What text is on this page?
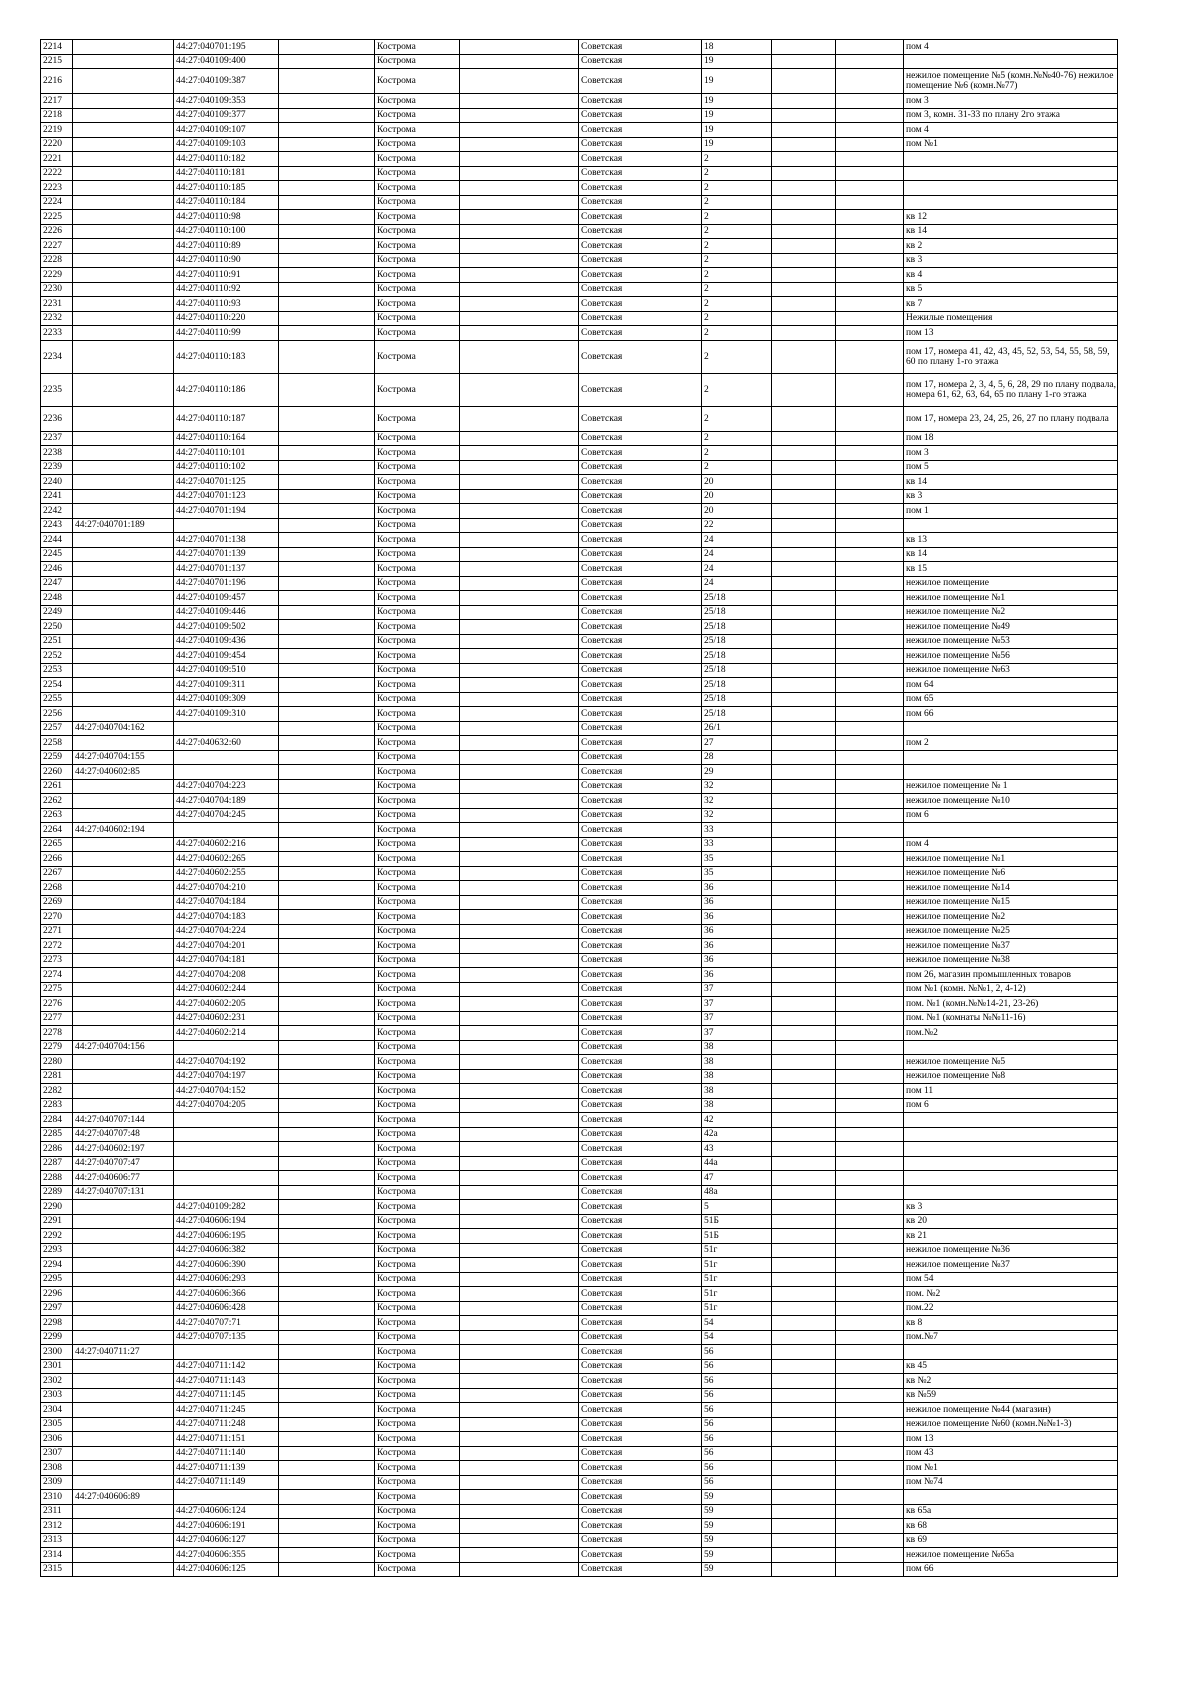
2214		44:27:040701:195		Кострома		Советская	18			пом 4
2215		44:27:040109:400		Кострома		Советская	19			
2216		44:27:040109:387		Кострома		Советская	19			нежилое помещение №5 (комн.№№40-76) нежилое помещение №6 (комн.№77)
2217		44:27:040109:353		Кострома		Советская	19			пом 3
2218		44:27:040109:377		Кострома		Советская	19			пом 3, комн. 31-33 по плану 2го этажа
2219		44:27:040109:107		Кострома		Советская	19			пом 4
2220		44:27:040109:103		Кострома		Советская	19			пом №1
2221		44:27:040110:182		Кострома		Советская	2			
2222		44:27:040110:181		Кострома		Советская	2			
2223		44:27:040110:185		Кострома		Советская	2			
2224		44:27:040110:184		Кострома		Советская	2			
2225		44:27:040110:98		Кострома		Советская	2			кв 12
2226		44:27:040110:100		Кострома		Советская	2			кв 14
2227		44:27:040110:89		Кострома		Советская	2			кв 2
2228		44:27:040110:90		Кострома		Советская	2			кв 3
2229		44:27:040110:91		Кострома		Советская	2			кв 4
2230		44:27:040110:92		Кострома		Советская	2			кв 5
2231		44:27:040110:93		Кострома		Советская	2			кв 7
2232		44:27:040110:220		Кострома		Советская	2			Нежилые помещения
2233		44:27:040110:99		Кострома		Советская	2			пом 13
2234		44:27:040110:183		Кострома		Советская	2			пом 17, номера 41, 42, 43, 45, 52, 53, 54, 55, 58, 59, 60 по плану 1-го этажа
2235		44:27:040110:186		Кострома		Советская	2			пом 17, номера 2, 3, 4, 5, 6, 28, 29 по плану подвала, номера 61, 62, 63, 64, 65 по плану 1-го этажа
2236		44:27:040110:187		Кострома		Советская	2			пом 17, номера 23, 24, 25, 26, 27 по плану подвала
2237		44:27:040110:164		Кострома		Советская	2			пом 18
2238		44:27:040110:101		Кострома		Советская	2			пом 3
2239		44:27:040110:102		Кострома		Советская	2			пом 5
2240		44:27:040701:125		Кострома		Советская	20			кв 14
2241		44:27:040701:123		Кострома		Советская	20			кв 3
2242		44:27:040701:194		Кострома		Советская	20			пом 1
2243	44:27:040701:189			Кострома		Советская	22			
2244		44:27:040701:138		Кострома		Советская	24			кв 13
2245		44:27:040701:139		Кострома		Советская	24			кв 14
2246		44:27:040701:137		Кострома		Советская	24			кв 15
2247		44:27:040701:196		Кострома		Советская	24			нежилое помещение
2248		44:27:040109:457		Кострома		Советская	25/18			нежилое помещение №1
2249		44:27:040109:446		Кострома		Советская	25/18			нежилое помещение №2
2250		44:27:040109:502		Кострома		Советская	25/18			нежилое помещение №49
2251		44:27:040109:436		Кострома		Советская	25/18			нежилое помещение №53
2252		44:27:040109:454		Кострома		Советская	25/18			нежилое помещение №56
2253		44:27:040109:510		Кострома		Советская	25/18			нежилое помещение №63
2254		44:27:040109:311		Кострома		Советская	25/18			пом 64
2255		44:27:040109:309		Кострома		Советская	25/18			пом 65
2256		44:27:040109:310		Кострома		Советская	25/18			пом 66
2257	44:27:040704:162			Кострома		Советская	26/1			
2258		44:27:040632:60		Кострома		Советская	27			пом 2
2259	44:27:040704:155			Кострома		Советская	28			
2260	44:27:040602:85			Кострома		Советская	29			
2261		44:27:040704:223		Кострома		Советская	32			нежилое помещение № 1
2262		44:27:040704:189		Кострома		Советская	32			нежилое помещение №10
2263		44:27:040704:245		Кострома		Советская	32			пом 6
2264	44:27:040602:194			Кострома		Советская	33			
2265		44:27:040602:216		Кострома		Советская	33			пом 4
2266		44:27:040602:265		Кострома		Советская	35			нежилое помещение №1
2267		44:27:040602:255		Кострома		Советская	35			нежилое помещение №6
2268		44:27:040704:210		Кострома		Советская	36			нежилое помещение №14
2269		44:27:040704:184		Кострома		Советская	36			нежилое помещение №15
2270		44:27:040704:183		Кострома		Советская	36			нежилое помещение №2
2271		44:27:040704:224		Кострома		Советская	36			нежилое помещение №25
2272		44:27:040704:201		Кострома		Советская	36			нежилое помещение №37
2273		44:27:040704:181		Кострома		Советская	36			нежилое помещение №38
2274		44:27:040704:208		Кострома		Советская	36			пом 26, магазин промышленных товаров
2275		44:27:040602:244		Кострома		Советская	37			пом №1 (комн. №№1, 2, 4-12)
2276		44:27:040602:205		Кострома		Советская	37			пом. №1 (комн.№№14-21, 23-26)
2277		44:27:040602:231		Кострома		Советская	37			пом. №1 (комнаты №№11-16)
2278		44:27:040602:214		Кострома		Советская	37			пом.№2
2279	44:27:040704:156			Кострома		Советская	38			
2280		44:27:040704:192		Кострома		Советская	38			нежилое помещение №5
2281		44:27:040704:197		Кострома		Советская	38			нежилое помещение №8
2282		44:27:040704:152		Кострома		Советская	38			пом 11
2283		44:27:040704:205		Кострома		Советская	38			пом 6
2284	44:27:040707:144			Кострома		Советская	42			
2285	44:27:040707:48			Кострома		Советская	42а			
2286	44:27:040602:197			Кострома		Советская	43			
2287	44:27:040707:47			Кострома		Советская	44а			
2288	44:27:040606:77			Кострома		Советская	47			
2289	44:27:040707:131			Кострома		Советская	48а			
2290		44:27:040109:282		Кострома		Советская	5			кв 3
2291		44:27:040606:194		Кострома		Советская	51Б			кв 20
2292		44:27:040606:195		Кострома		Советская	51Б			кв 21
2293		44:27:040606:382		Кострома		Советская	51г			нежилое помещение №36
2294		44:27:040606:390		Кострома		Советская	51г			нежилое помещение №37
2295		44:27:040606:293		Кострома		Советская	51г			пом 54
2296		44:27:040606:366		Кострома		Советская	51г			пом. №2
2297		44:27:040606:428		Кострома		Советская	51г			пом.22
2298		44:27:040707:71		Кострома		Советская	54			кв 8
2299		44:27:040707:135		Кострома		Советская	54			пом.№7
2300	44:27:040711:27			Кострома		Советская	56			
2301		44:27:040711:142		Кострома		Советская	56			кв 45
2302		44:27:040711:143		Кострома		Советская	56			кв №2
2303		44:27:040711:145		Кострома		Советская	56			кв №59
2304		44:27:040711:245		Кострома		Советская	56			нежилое помещение №44 (магазин)
2305		44:27:040711:248		Кострома		Советская	56			нежилое помещение №60 (комн.№№1-3)
2306		44:27:040711:151		Кострома		Советская	56			пом 13
2307		44:27:040711:140		Кострома		Советская	56			пом 43
2308		44:27:040711:139		Кострома		Советская	56			пом №1
2309		44:27:040711:149		Кострома		Советская	56			пом №74
2310	44:27:040606:89			Кострома		Советская	59			
2311		44:27:040606:124		Кострома		Советская	59			кв 65а
2312		44:27:040606:191		Кострома		Советская	59			кв 68
2313		44:27:040606:127		Кострома		Советская	59			кв 69
2314		44:27:040606:355		Кострома		Советская	59			нежилое помещение №65а
2315		44:27:040606:125		Кострома		Советская	59			пом 66
